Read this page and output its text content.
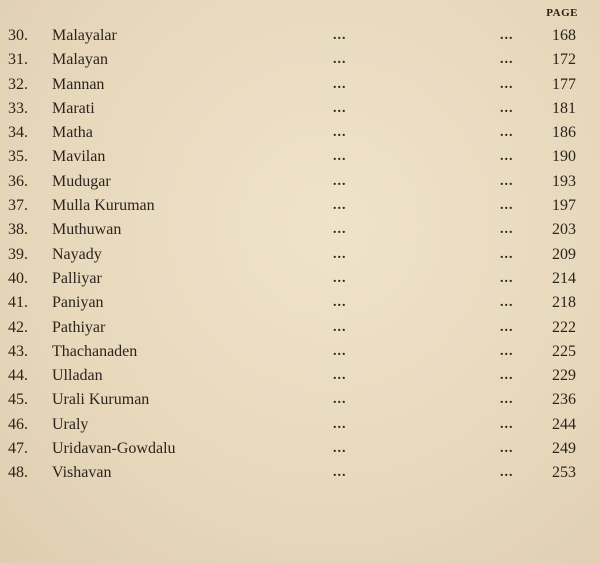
PAGE
30.	Malayalar	...	...	168
31.	Malayan	...	...	172
32.	Mannan	...	...	177
33.	Marati	...	...	181
34.	Matha	...	...	186
35.	Mavilan	...	...	190
36.	Mudugar	...	...	193
37.	Mulla Kuruman	...	...	197
38.	Muthuwan	...	...	203
39.	Nayady	...	...	209
40.	Palliyar	...	...	214
41.	Paniyan	...	...	218
42.	Pathiyar	...	...	222
43.	Thachanaden	...	...	225
44.	Ulladan	...	...	229
45.	Urali Kuruman	...	...	236
46.	Uraly	...	...	244
47.	Uridavan-Gowdalu	...	...	249
48.	Vishavan	...	...	253
